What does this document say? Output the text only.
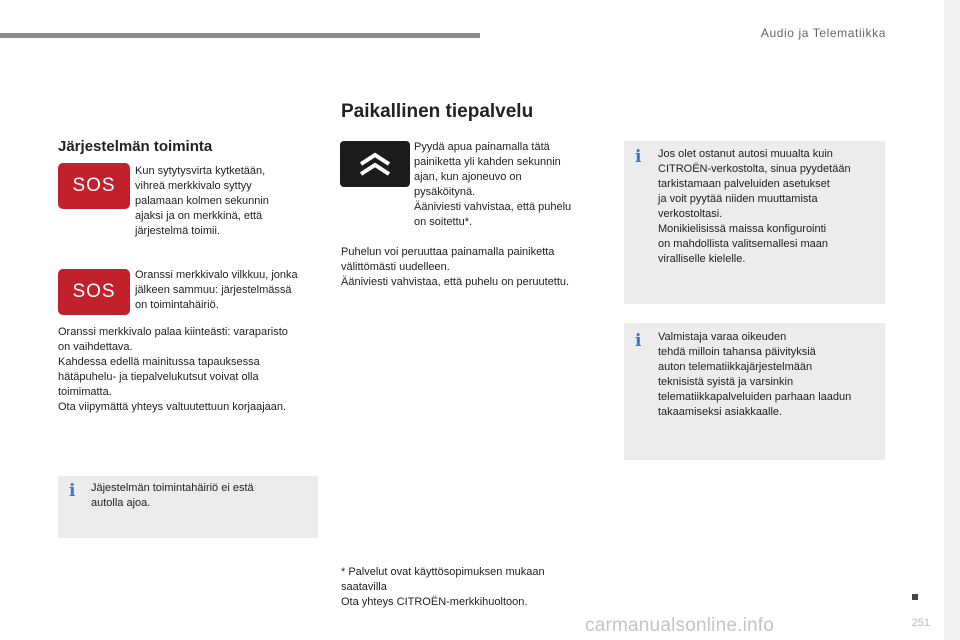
Audio ja Telematiikka
Järjestelmän toiminta
SOS

Kun sytytysvirta kytketään,
vihreä merkkivalo syttyy
palamaan kolmen sekunnin
ajaksi ja on merkkinä, että
järjestelmä toimii.

SOS

Oranssi merkkivalo vilkkuu, jonka
jälkeen sammuu: järjestelmässä
on toimintahäiriö.

Oranssi merkkivalo palaa kiinteästi: varaparisto
on vaihdettava.
Kahdessa edellä mainitussa tapauksessa
hätäpuhelu- ja tiepalvelukutsut voivat olla
toimimatta.
Ota viipymättä yhteys valtuutettuun korjaajaan.

i Jäjestelmän toimintahäiriö ei estä
autolla ajoa.

Paikallinen tiepalvelu

Pyydä apua painamalla tätä
painiketta yli kahden sekunnin
ajan, kun ajoneuvo on
pysäköitynä.
Ääniviesti vahvistaa, että puhelu
on soitettu*.

Puhelun voi peruuttaa painamalla painiketta
välittömästi uudelleen.
Ääniviesti vahvistaa, että puhelu on peruutettu.

* Palvelut ovat käyttösopimuksen mukaan
saatavilla
Ota yhteys CITROËN-merkkihuoltoon.

i Jos olet ostanut autosi muualta kuin
CITROËN-verkostolta, sinua pyydetään
tarkistamaan palveluiden asetukset
ja voit pyytää niiden muuttamista
verkostoltasi.
Monikielisissä maissa konfigurointi
on mahdollista valitsemallesi maan
viralliselle kielelle.

i Valmistaja varaa oikeuden
tehdä milloin tahansa päivityksiä
auton telematiikkajärjestelmään
teknisistä syistä ja varsinkin
telematiikkapalveluiden parhaan laadun
takaamiseksi asiakkaalle.

251
carmanualsonline.info
